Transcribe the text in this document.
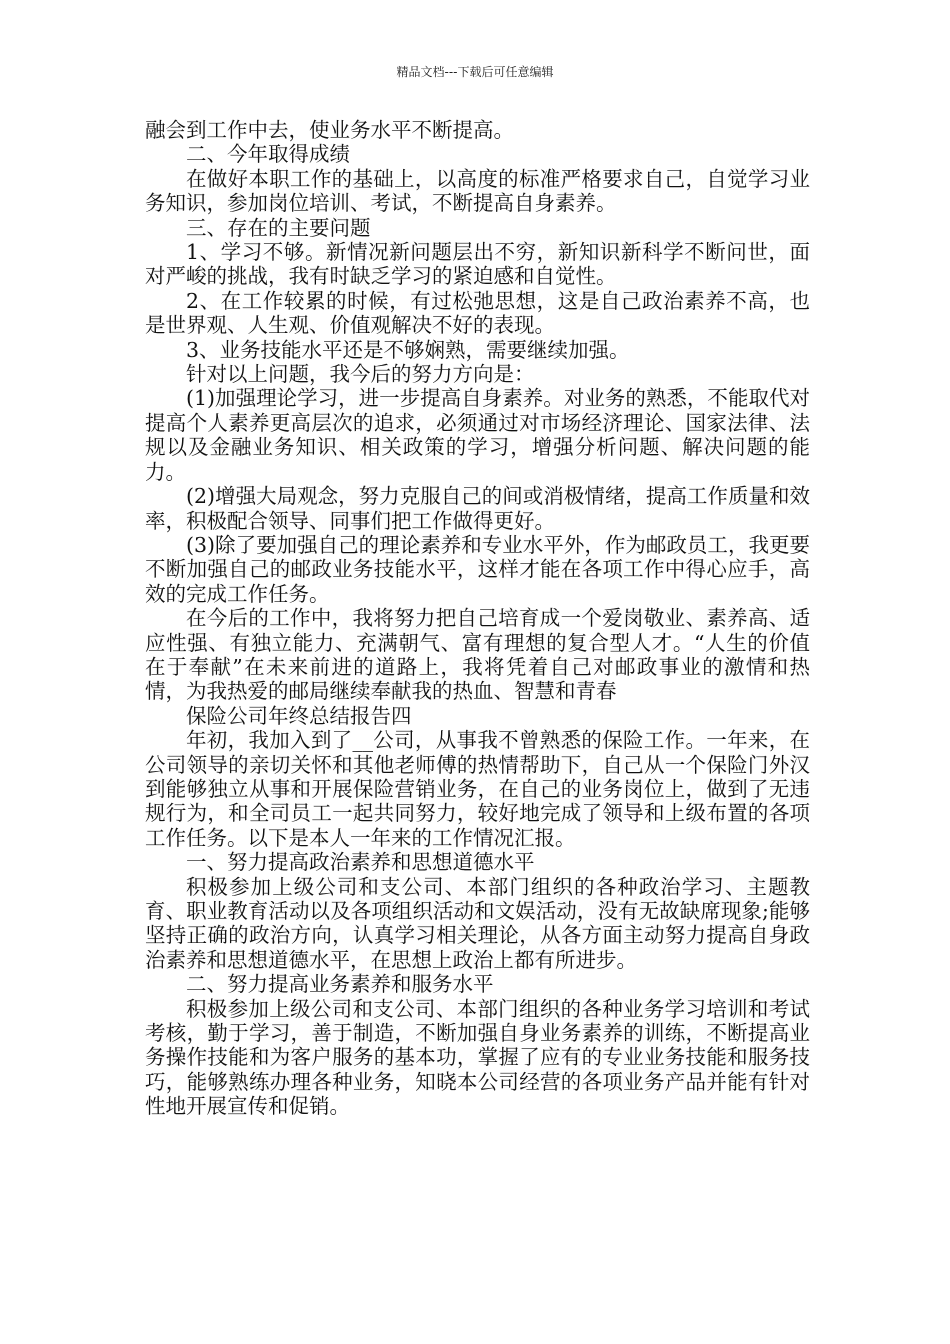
精品文档---下载后可任意编辑

融会到工作中去，使业务水平不断提高。

二、今年取得成绩

在做好本职工作的基础上，以高度的标准严格要求自己，自觉学习业务知识，参加岗位培训、考试，不断提高自身素养。

三、存在的主要问题

1、学习不够。新情况新问题层出不穷，新知识新科学不断问世，面对严峻的挑战，我有时缺乏学习的紧迫感和自觉性。

2、在工作较累的时候，有过松弛思想，这是自己政治素养不高，也是世界观、人生观、价值观解决不好的表现。

3、业务技能水平还是不够娴熟，需要继续加强。

针对以上问题，我今后的努力方向是：

(1)加强理论学习，进一步提高自身素养。对业务的熟悉，不能取代对提高个人素养更高层次的追求，必须通过对市场经济理论、国家法律、法规以及金融业务知识、相关政策的学习，增强分析问题、解决问题的能力。

(2)增强大局观念，努力克服自己的间或消极情绪，提高工作质量和效率，积极配合领导、同事们把工作做得更好。

(3)除了要加强自己的理论素养和专业水平外，作为邮政员工，我更要不断加强自己的邮政业务技能水平，这样才能在各项工作中得心应手，高效的完成工作任务。

在今后的工作中，我将努力把自己培育成一个爱岗敬业、素养高、适应性强、有独立能力、充满朝气、富有理想的复合型人才。“人生的价值在于奉献”在未来前进的道路上，我将凭着自己对邮政事业的激情和热情，为我热爱的邮局继续奉献我的热血、智慧和青春

保险公司年终总结报告四

年初，我加入到了__公司，从事我不曾熟悉的保险工作。一年来，在公司领导的亲切关怀和其他老师傅的热情帮助下，自己从一个保险门外汉到能够独立从事和开展保险营销业务，在自己的业务岗位上，做到了无违规行为，和全司员工一起共同努力，较好地完成了领导和上级布置的各项工作任务。以下是本人一年来的工作情况汇报。

一、努力提高政治素养和思想道德水平

积极参加上级公司和支公司、本部门组织的各种政治学习、主题教育、职业教育活动以及各项组织活动和文娱活动，没有无故缺席现象;能够坚持正确的政治方向，认真学习相关理论，从各方面主动努力提高自身政治素养和思想道德水平，在思想上政治上都有所进步。

二、努力提高业务素养和服务水平

积极参加上级公司和支公司、本部门组织的各种业务学习培训和考试考核，勤于学习，善于制造，不断加强自身业务素养的训练，不断提高业务操作技能和为客户服务的基本功，掌握了应有的专业业务技能和服务技巧，能够熟练办理各种业务，知晓本公司经营的各项业务产品并能有针对性地开展宣传和促销。
